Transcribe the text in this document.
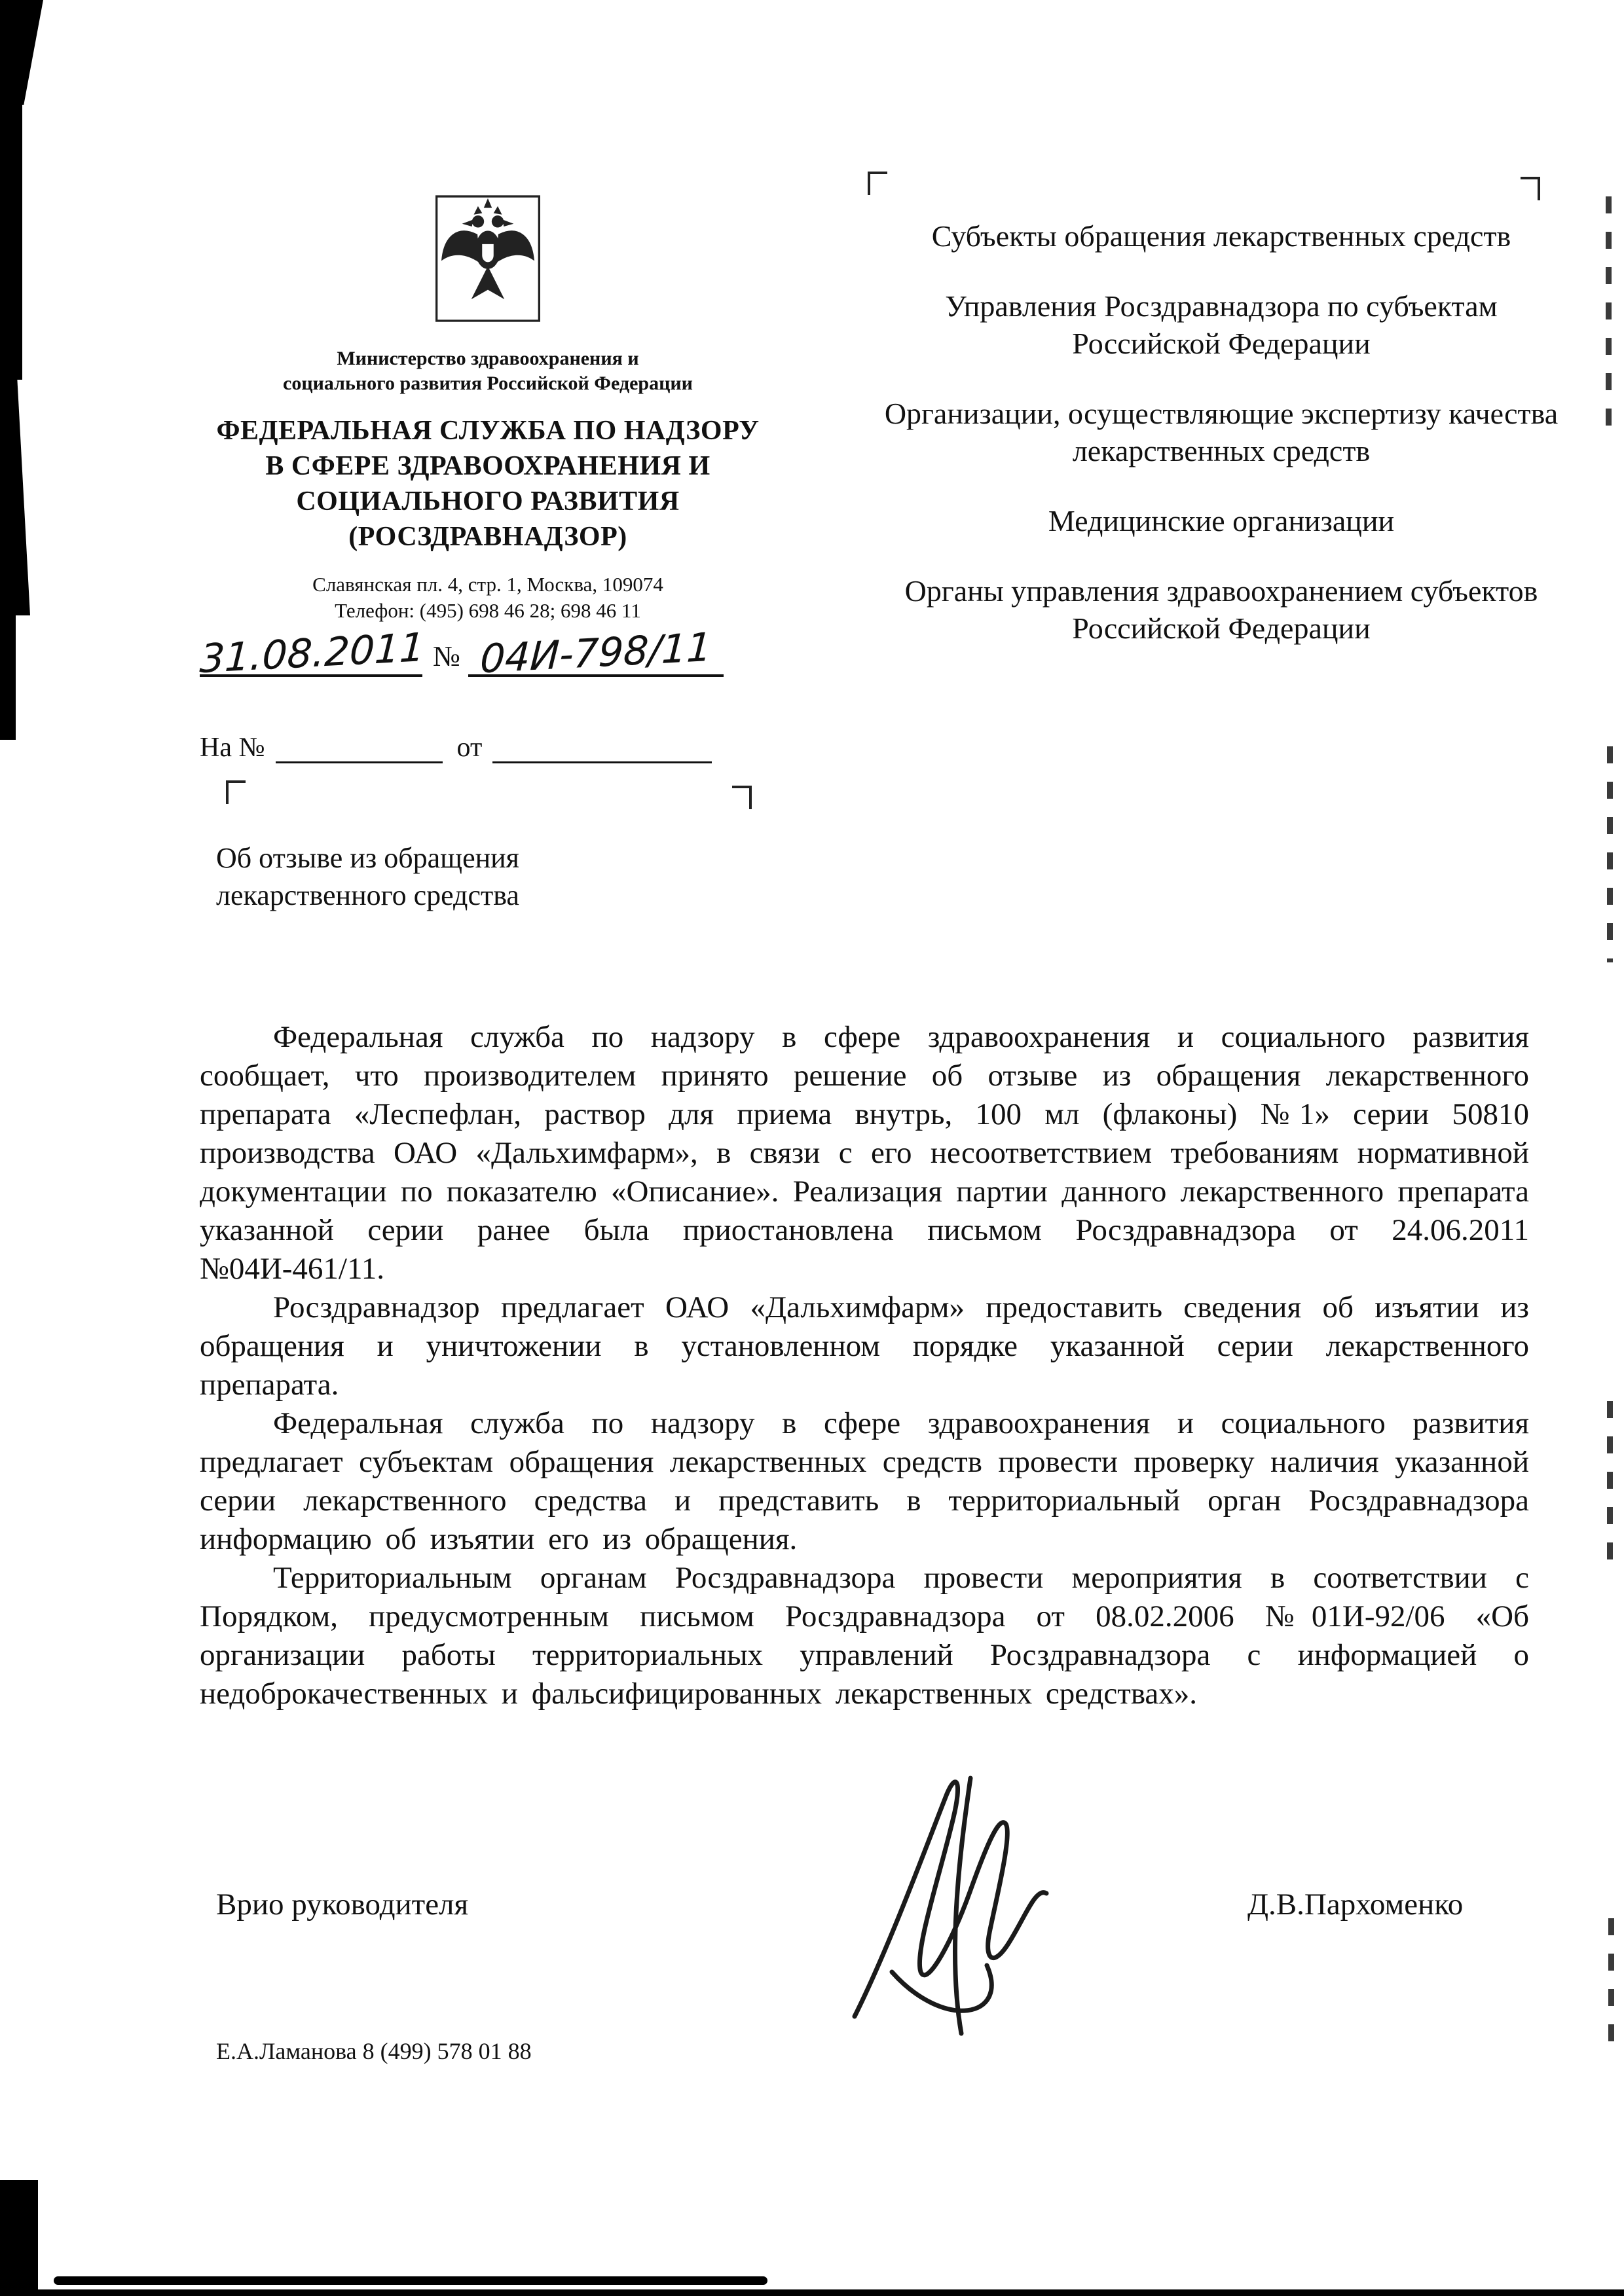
Министерство здравоохранения и
социального развития Российской Федерации
ФЕДЕРАЛЬНАЯ СЛУЖБА ПО НАДЗОРУ
В СФЕРЕ ЗДРАВООХРАНЕНИЯ И
СОЦИАЛЬНОГО РАЗВИТИЯ
(РОСЗДРАВНАДЗОР)
Славянская пл. 4, стр. 1, Москва, 109074
Телефон: (495) 698 46 28; 698 46 11
31.08.2011 № 04И-798/11
На №	от
Об отзыве из обращения
лекарственного средства
Субъекты обращения лекарственных средств
Управления Росздравнадзора по субъектам Российской Федерации
Организации, осуществляющие экспертизу качества лекарственных средств
Медицинские организации
Органы управления здравоохранением субъектов Российской Федерации

Федеральная служба по надзору в сфере здравоохранения и социального развития сообщает, что производителем принято решение об отзыве из обращения лекарственного препарата «Леспефлан, раствор для приема внутрь, 100 мл (флаконы) №1» серии 50810 производства ОАО «Дальхимфарм», в связи с его несоответствием требованиям нормативной документации по показателю «Описание». Реализация партии данного лекарственного препарата указанной серии ранее была приостановлена письмом Росздравнадзора от 24.06.2011 №04И-461/11.

Росздравнадзор предлагает ОАО «Дальхимфарм» предоставить сведения об изъятии из обращения и уничтожении в установленном порядке указанной серии лекарственного препарата.

Федеральная служба по надзору в сфере здравоохранения и социального развития предлагает субъектам обращения лекарственных средств провести проверку наличия указанной серии лекарственного средства и представить в территориальный орган Росздравнадзора информацию об изъятии его из обращения.

Территориальным органам Росздравнадзора провести мероприятия в соответствии с Порядком, предусмотренным письмом Росздравнадзора от 08.02.2006 №01И-92/06 «Об организации работы территориальных управлений Росздравнадзора с информацией о недоброкачественных и фальсифицированных лекарственных средствах».

Врио руководителя	Д.В.Пархоменко
Е.А.Ламанова 8 (499) 578 01 88
